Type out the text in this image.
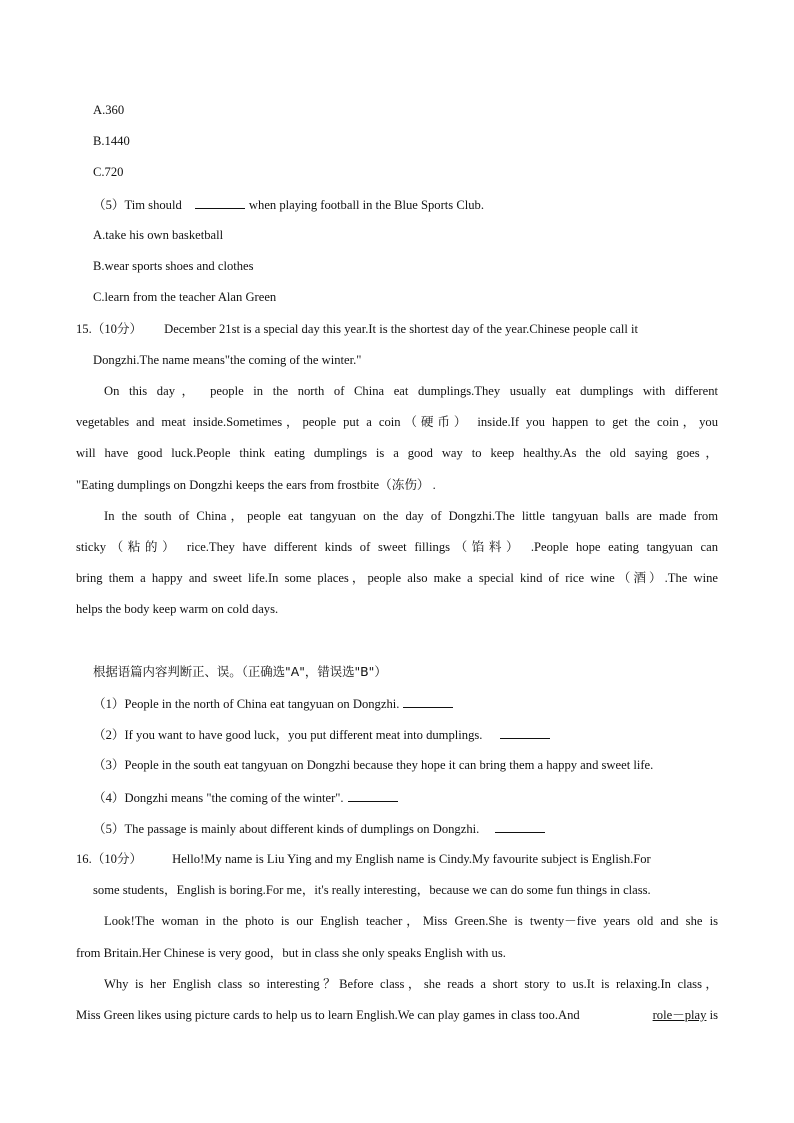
A.360
B.1440
C.720
（5）Tim should	when playing football in the Blue Sports Club.
A.take his own basketball
B.wear sports shoes and clothes
C.learn from the teacher Alan Green
15.（10分） December 21st is a special day this year.It is the shortest day of the year.Chinese people call it
Dongzhi.The name means"the coming of the winter."
On this day， people in the north of China eat dumplings.They usually eat dumplings with different
vegetables and meat inside.Sometimes，people put a coin（硬币） inside.If you happen to get the coin，you
will have good luck.People think eating dumplings is a good way to keep healthy.As the old saying goes，
"Eating dumplings on Dongzhi keeps the ears from frostbite（冻伤） .
In the south of China，people eat tangyuan on the day of Dongzhi.The little tangyuan balls are made from
sticky（粘的） rice.They have different kinds of sweet fillings（馅料） .People hope eating tangyuan can
bring them a happy and sweet life.In some places，people also make a special kind of rice wine（酒）.The wine
helps the body keep warm on cold days.
根据语篇内容判断正、误。（正确选"A"，错误选"B"）
（1）People in the north of China eat tangyuan on Dongzhi.
（2）If you want to have good luck，you put different meat into dumplings.
（3）People in the south eat tangyuan on Dongzhi because they hope it can bring them a happy and sweet life.
（4）Dongzhi means "the coming of the winter".
（5）The passage is mainly about different kinds of dumplings on Dongzhi.
16.（10分） Hello!My name is Liu Ying and my English name is Cindy.My favourite subject is English.For
some students，English is boring.For me，it's really interesting，because we can do some fun things in class.
Look!The woman in the photo is our English teacher，Miss Green.She is twenty－five years old and she is
from Britain.Her Chinese is very good，but in class she only speaks English with us.
Why is her English class so interesting？Before class，she reads a short story to us.It is relaxing.In class，
Miss Green likes using picture cards to help us to learn English.We can play games in class too.And	role－play is
